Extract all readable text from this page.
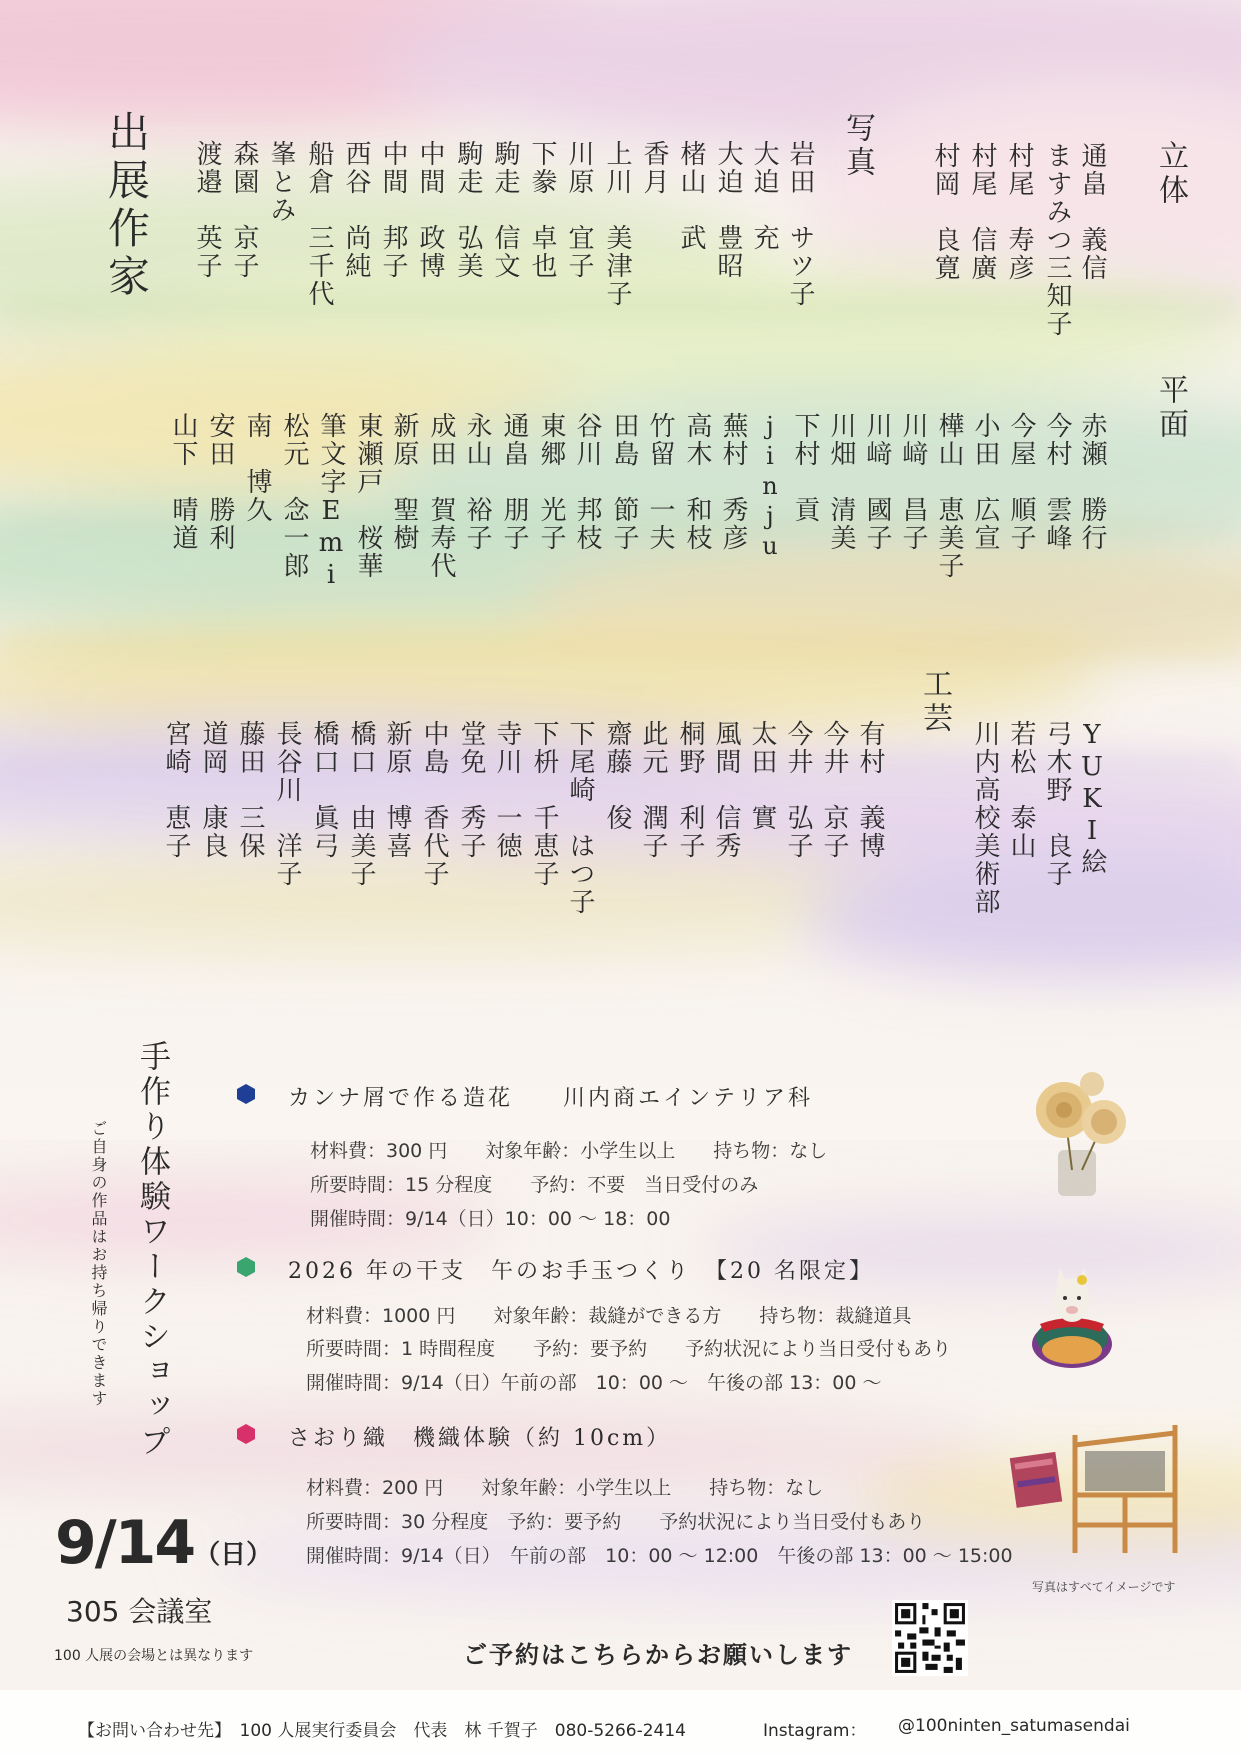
出展作家	立体
通畠　義信
ますみつ三知子
村尾　寿彦
村尾　信廣
村岡　良寛
写真
岩田　サツ子
大迫　充
大迫　豊昭
楮山　武
香月
上川　美津子
川原　宜子
下豢　卓也
駒走　信文
駒走　弘美
中間　政博
中間　邦子
西谷　尚純
船倉　三千代
峯とみ
森園　京子
渡邉　英子
平面
赤瀬　勝行
今村　雲峰
今屋　順子
小田　広宣
樺山　恵美子
川﨑　昌子
川﨑　國子
川畑　清美
下村　貢
jinju
蕪村　秀彦
高木　和枝
竹留　一夫
田島　節子
谷川　邦枝
東郷　光子
通畠　朋子
永山　裕子
成田　賀寿代
新原　聖樹
東瀬戸　桜華
筆文字Emi
松元　念一郎
南　博久
安田　勝利
山下　晴道
工芸
YUKI絵
弓木野　良子
若松　泰山
川内高校美術部
有村　義博
今井　京子
今井　弘子
太田　實
風間　信秀
桐野　利子
此元　潤子
齋藤　俊
下尾崎　はつ子
下枡　千恵子
寺川　一徳
堂免　秀子
中島　香代子
新原　博喜
橋口　由美子
橋口　眞弓
長谷川　洋子
藤田　三保
道岡　康良
宮崎　恵子
手作り体験ワークショップ
ご自身の作品はお持ち帰りできます
カンナ屑で作る造花　　川内商エインテリア科
材料費：300 円　　対象年齢：小学生以上　　持ち物：なし
所要時間：15 分程度　　予約：不要　当日受付のみ
開催時間：9/14（日）10：00 ～ 18：00
2026 年の干支　午のお手玉つくり　【20 名限定】
材料費：1000 円　　対象年齢：裁縫ができる方　　持ち物：裁縫道具
所要時間：1 時間程度　　予約：要予約　　予約状況により当日受付もあり
開催時間：9/14（日）午前の部　10：00 ～　午後の部 13：00 ～
さおり織　機織体験（約 10cm）
材料費：200 円　　対象年齢：小学生以上　　持ち物：なし
所要時間：30 分程度　予約：要予約　　予約状況により当日受付もあり
開催時間：9/14（日）　午前の部　10：00 ～ 12:00　午後の部 13：00 ～ 15:00
写真はすべてイメージです
9/14（日）
305 会議室
100 人展の会場とは異なります	ご予約はこちらからお願いします
【お問い合わせ先】　100 人展実行委員会　代表　林 千賀子　080-5266-2414	Instagram： @100ninten_satumasendai
